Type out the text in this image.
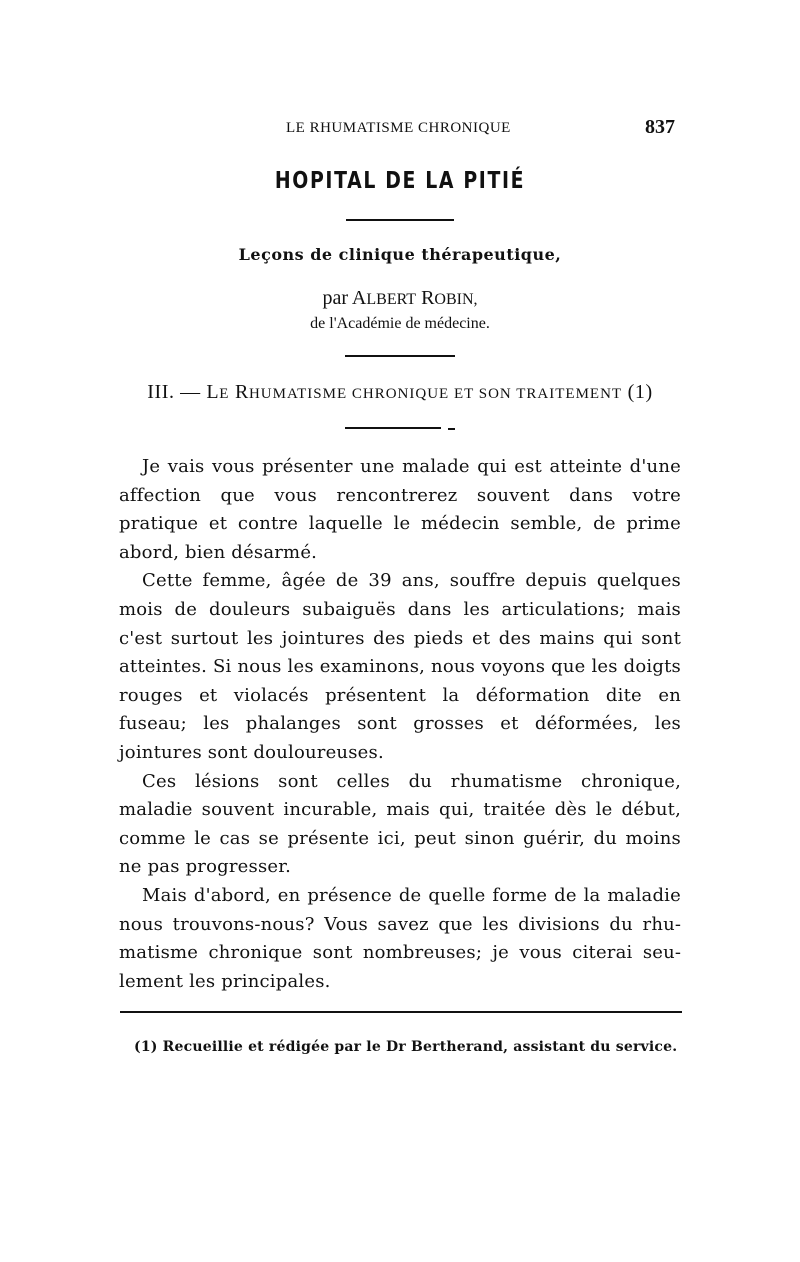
LE RHUMATISME CHRONIQUE	837
HOPITAL DE LA PITIÉ
Leçons de clinique thérapeutique,
par ALBERT ROBIN,
de l'Académie de médecine.
III. — LE RHUMATISME CHRONIQUE ET SON TRAITEMENT (1)

Je vais vous présenter une malade qui est atteinte d'une affection que vous rencontrerez souvent dans votre pratique et contre laquelle le médecin semble, de prime abord, bien désarmé.

Cette femme, âgée de 39 ans, souffre depuis quelques mois de douleurs subaiguës dans les articulations; mais c'est surtout les jointures des pieds et des mains qui sont atteintes. Si nous les examinons, nous voyons que les doigts rouges et violacés présentent la déformation dite en fuseau; les phalanges sont grosses et déformées, les jointures sont douloureuses.

Ces lésions sont celles du rhumatisme chronique, maladie souvent incurable, mais qui, traitée dès le début, comme le cas se présente ici, peut sinon guérir, du moins ne pas progresser.

Mais d'abord, en présence de quelle forme de la maladie nous trouvons-nous? Vous savez que les divisions du rhumatisme chronique sont nombreuses; je vous citerai seulement les principales.

(1) Recueillie et rédigée par le Dr Bertherand, assistant du service.
